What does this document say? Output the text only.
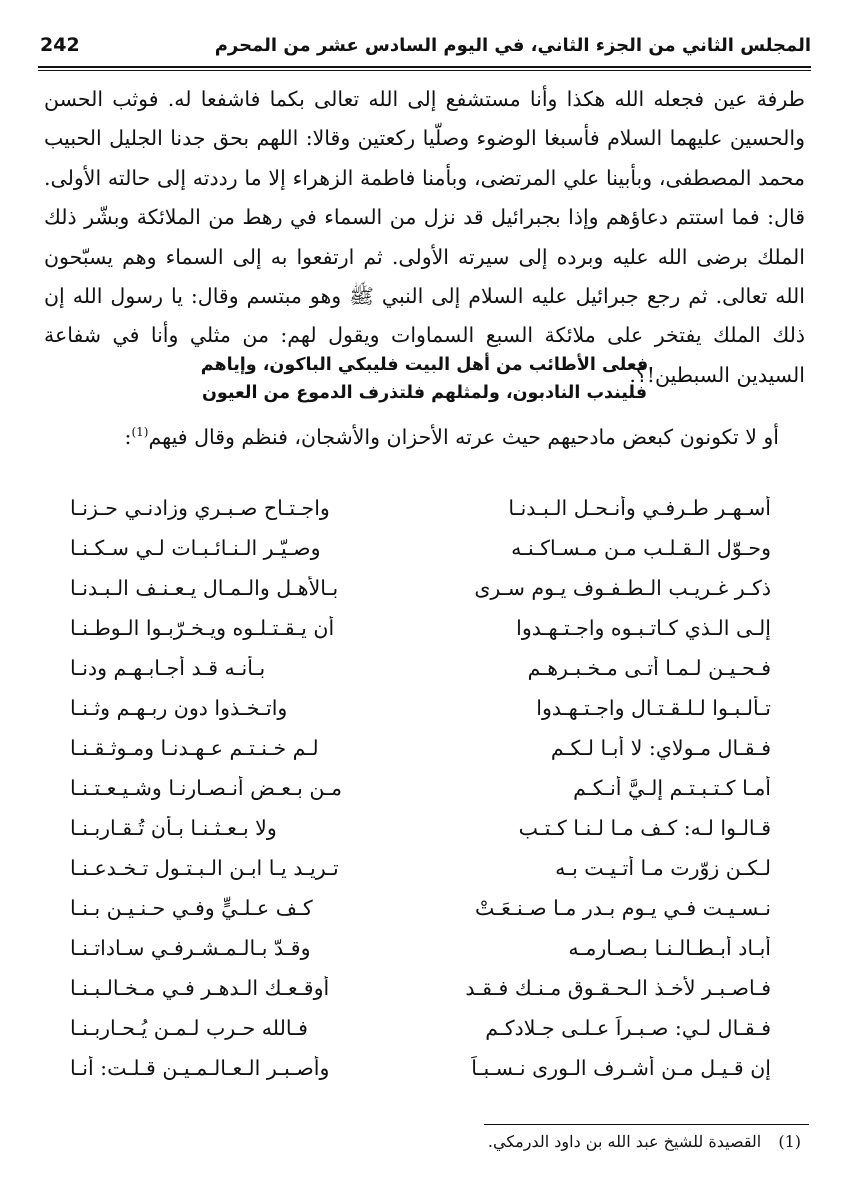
المجلس الثاني من الجزء الثاني، في اليوم السادس عشر من المحرم
242
طرفة عين فجعله الله هكذا وأنا مستشفع إلى الله تعالى بكما فاشفعا له. فوثب الحسن والحسين عليهما السلام فأسبغا الوضوء وصلّيا ركعتين وقالا: اللهم بحق جدنا الجليل الحبيب محمد المصطفى، وبأبينا علي المرتضى، وبأمنا فاطمة الزهراء إلا ما رددته إلى حالته الأولى. قال: فما استتم دعاؤهم وإذا بجبرائيل قد نزل من السماء في رهط من الملائكة وبشّر ذلك الملك برضى الله عليه وبرده إلى سيرته الأولى. ثم ارتفعوا به إلى السماء وهم يسبّحون الله تعالى. ثم رجع جبرائيل عليه السلام إلى النبي ﷺ وهو مبتسم وقال: يا رسول الله إن ذلك الملك يفتخر على ملائكة السبع السماوات ويقول لهم: من مثلي وأنا في شفاعة السيدين السبطين!؟.
فعلى الأطائب من أهل البيت فليبكي الباكون، وإياهم
فليندب النادبون، ولمثلهم فلتذرف الدموع من العيون
أو لا تكونون كبعض مادحيهم حيث عرته الأحزان والأشجان، فنظم وقال فيهم$^{(1)}$:
أسـهـر طـرفـي وأنـحـل الـبـدنـا
واجـتـاح صـبـري وزادنـي حـزنـا
وحـوّل الـقـلـب مـن مـسـاكـنـه
وصـيّـر الـنـائـبـات لـي سـكـنـا
ذكـر غـريـب الـطـفـوف يـوم سـرى
بـالأهـل والـمـال يـعـنـف الـبـدنـا
إلـى الـذي كـاتـبـوه واجـتـهـدوا
أن يـقـتـلـوه ويـخـرّبـوا الـوطـنـا
فـحـيـن لـمـا أتـى مـخـبـرهـم
بـأنـه قـد أجـابـهـم ودنـا
تـألـبـوا لـلـقـتـال واجـتـهـدوا
واتـخـذوا دون ربـهـم وثـنـا
فـقـال مـولاي: لا أبـا لـكـم
لـم خـنـتـم عـهـدنـا ومـوثـقـنـا
أمـا كـتـبـتـم إلـيَّ أنـكـم
مـن بـعـض أنـصـارنـا وشـيـعـتـنـا
قـالـوا لـه: كـف مـا لـنـا كـتـب
ولا بـعـثـنـا بـأن تُـقـاربـنـا
لـكـن زوّرت مـا أتـيـت بـه
تـريـد يـا ابـن الـبـتـول تـخـدعـنـا
نـسـيـت فـي يـوم بـدر مـا صـنـعَـتْ
كـف عـلـيٍّ وفـي حـنـيـن بـنـا
أبـاد أبـطـالـنـا بـصـارمـه
وقـدّ بـالـمـشـرفـي سـاداتـنـا
فـاصـبـر لأخـذ الـحـقـوق مـنـك فـقـد
أوقـعـك الـدهـر فـي مـخـالـبـنـا
فـقـال لـي: صـبـراً عـلـى جـلادكـم
فـالله حـرب لـمـن يُـحـاربـنـا
إن قـيـل مـن أشـرف الـورى نـسـبـاً
وأصـبـر الـعـالـمـيـن قـلـت: أنـا
(1) القصيدة للشيخ عبد الله بن داود الدرمكي.
